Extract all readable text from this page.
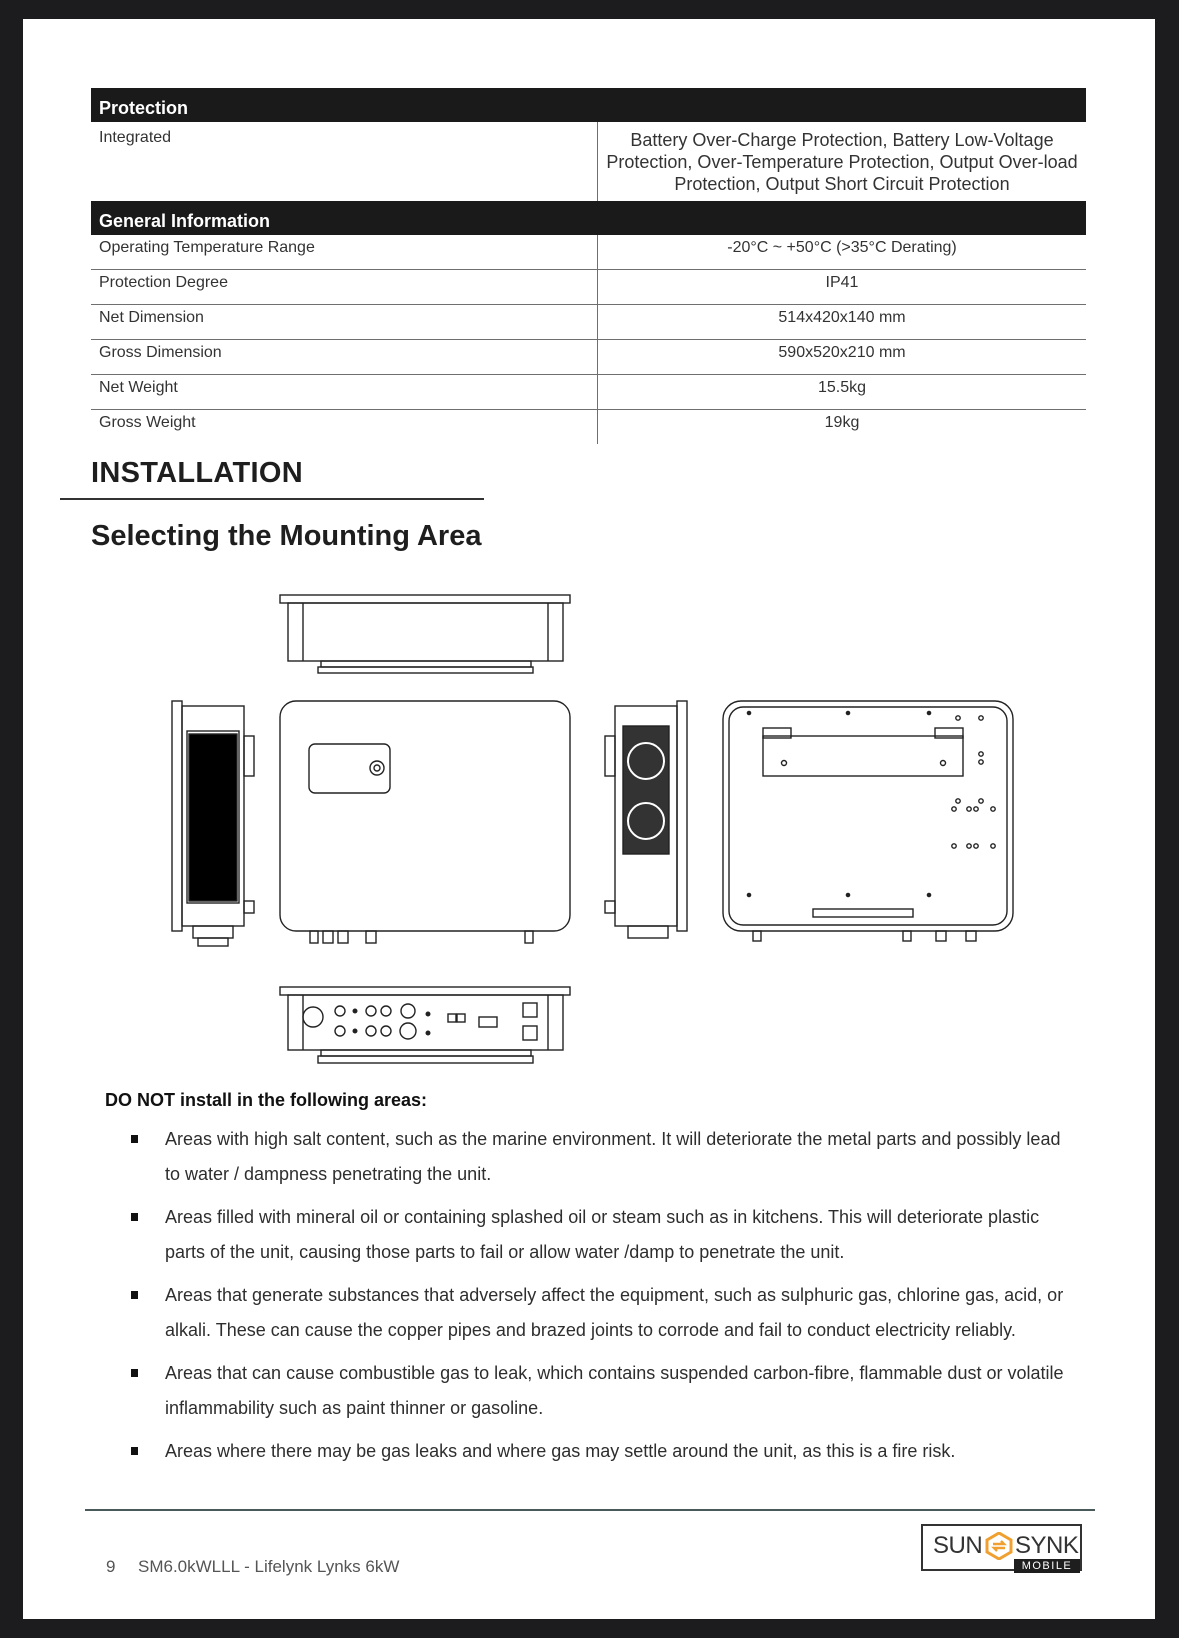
Protection
Integrated	Battery Over-Charge Protection, Battery Low-Voltage Protection, Over-Temperature Protection, Output Over-load Protection, Output Short Circuit Protection
General Information
Operating Temperature Range	-20°C ~ +50°C (>35°C Derating)
Protection Degree	IP41
Net Dimension	514x420x140 mm
Gross Dimension	590x520x210 mm
Net Weight	15.5kg
Gross Weight	19kg
INSTALLATION
Selecting the Mounting Area
DO NOT install in the following areas:
Areas with high salt content, such as the marine environment. It will deteriorate the metal parts and possibly lead to water / dampness penetrating the unit.
Areas filled with mineral oil or containing splashed oil or steam such as in kitchens. This will deteriorate plastic parts of the unit, causing those parts to fail or allow water /damp to penetrate the unit.
Areas that generate substances that adversely affect the equipment, such as sulphuric gas, chlorine gas, acid, or alkali. These can cause the copper pipes and brazed joints to corrode and fail to conduct electricity reliably.
Areas that can cause combustible gas to leak, which contains suspended carbon-fibre, flammable dust or volatile inflammability such as paint thinner or gasoline.
Areas where there may be gas leaks and where gas may settle around the unit, as this is a fire risk.
9 SM6.0kWLLL - Lifelynk Lynks 6kW
SUN SYNK
MOBILE
